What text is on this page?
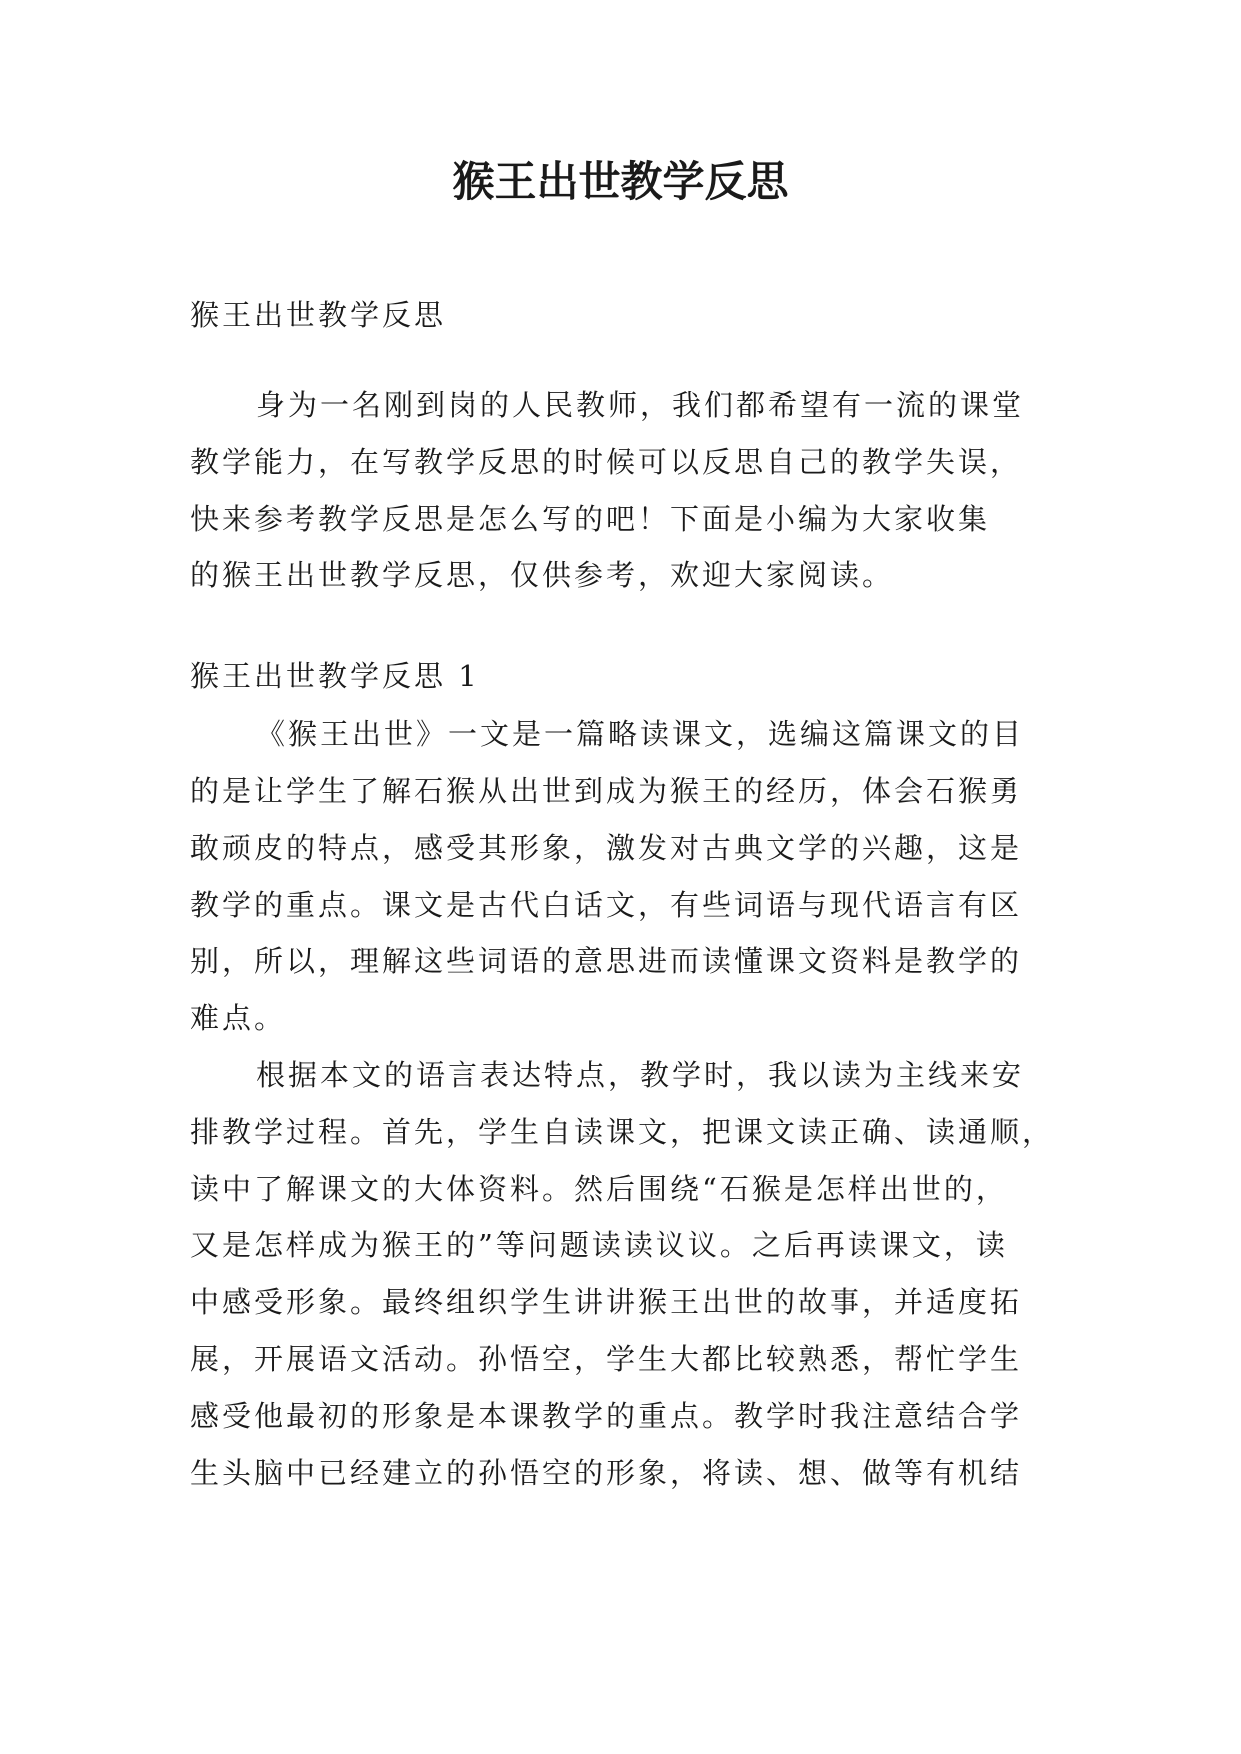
猴王出世教学反思

猴王出世教学反思

身为一名刚到岗的人民教师，我们都希望有一流的课堂
教学能力，在写教学反思的时候可以反思自己的教学失误，
快来参考教学反思是怎么写的吧！下面是小编为大家收集
的猴王出世教学反思，仅供参考，欢迎大家阅读。

猴王出世教学反思 1

《猴王出世》一文是一篇略读课文，选编这篇课文的目
的是让学生了解石猴从出世到成为猴王的经历，体会石猴勇
敢顽皮的特点，感受其形象，激发对古典文学的兴趣，这是
教学的重点。课文是古代白话文，有些词语与现代语言有区
别，所以，理解这些词语的意思进而读懂课文资料是教学的
难点。
根据本文的语言表达特点，教学时，我以读为主线来安
排教学过程。首先，学生自读课文，把课文读正确、读通顺，
读中了解课文的大体资料。然后围绕“石猴是怎样出世的，
又是怎样成为猴王的”等问题读读议议。之后再读课文，读
中感受形象。最终组织学生讲讲猴王出世的故事，并适度拓
展，开展语文活动。孙悟空，学生大都比较熟悉，帮忙学生
感受他最初的形象是本课教学的重点。教学时我注意结合学
生头脑中已经建立的孙悟空的形象，将读、想、做等有机结
